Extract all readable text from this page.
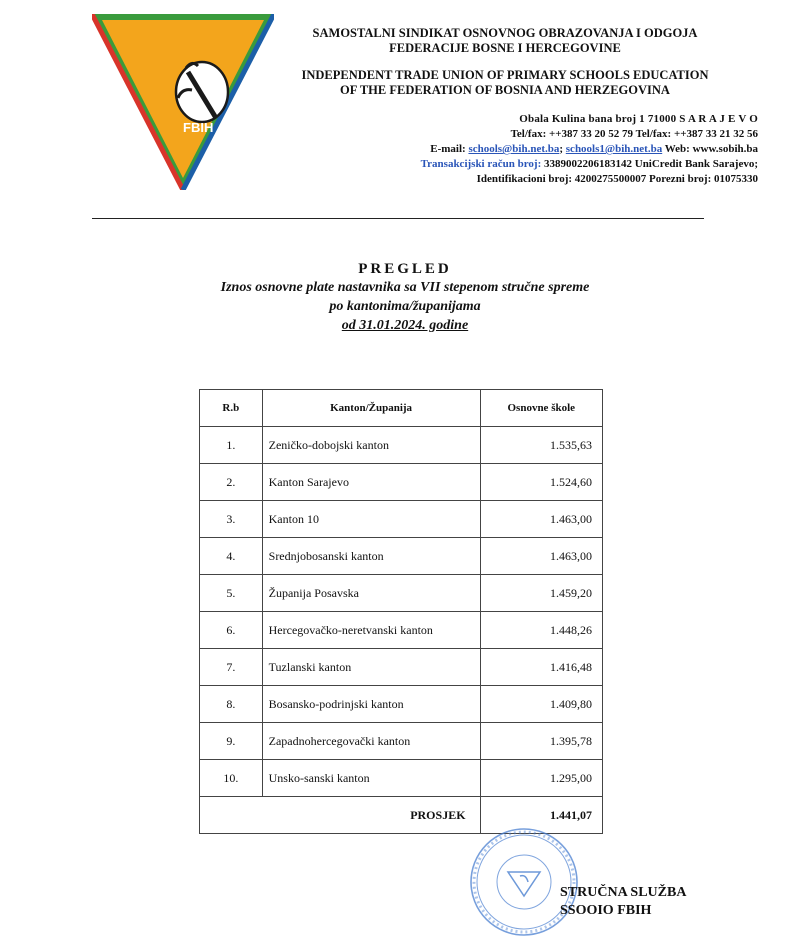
FBIH
SAMOSTALNI SINDIKAT OSNOVNOG OBRAZOVANJA I ODGOJA
FEDERACIJE BOSNE I HERCEGOVINE
INDEPENDENT TRADE UNION OF PRIMARY SCHOOLS EDUCATION
OF THE FEDERATION OF BOSNIA AND HERZEGOVINA
Obala Kulina bana broj 1 71000 S A R A J E V O
Tel/fax: ++387 33 20 52 79 Tel/fax: ++387 33 21 32 56
E-mail: schools@bih.net.ba; schools1@bih.net.ba Web: www.sobih.ba
Transakcijski račun broj: 3389002206183142 UniCredit Bank Sarajevo;
Identifikacioni broj: 4200275500007 Porezni broj: 01075330
PREGLED
Iznos osnovne plate nastavnika sa VII stepenom stručne spreme
po kantonima/županijama
od 31.01.2024. godine
R.b	Kanton/Županija	Osnovne škole
1.	Zeničko-dobojski kanton	1.535,63
2.	Kanton Sarajevo	1.524,60
3.	Kanton 10	1.463,00
4.	Srednjobosanski kanton	1.463,00
5.	Županija Posavska	1.459,20
6.	Hercegovačko-neretvanski kanton	1.448,26
7.	Tuzlanski kanton	1.416,48
8.	Bosansko-podrinjski kanton	1.409,80
9.	Zapadnohercegovački kanton	1.395,78
10.	Unsko-sanski kanton	1.295,00
PROSJEK		1.441,07
STRUČNA SLUŽBA
SSOOIO FBIH
